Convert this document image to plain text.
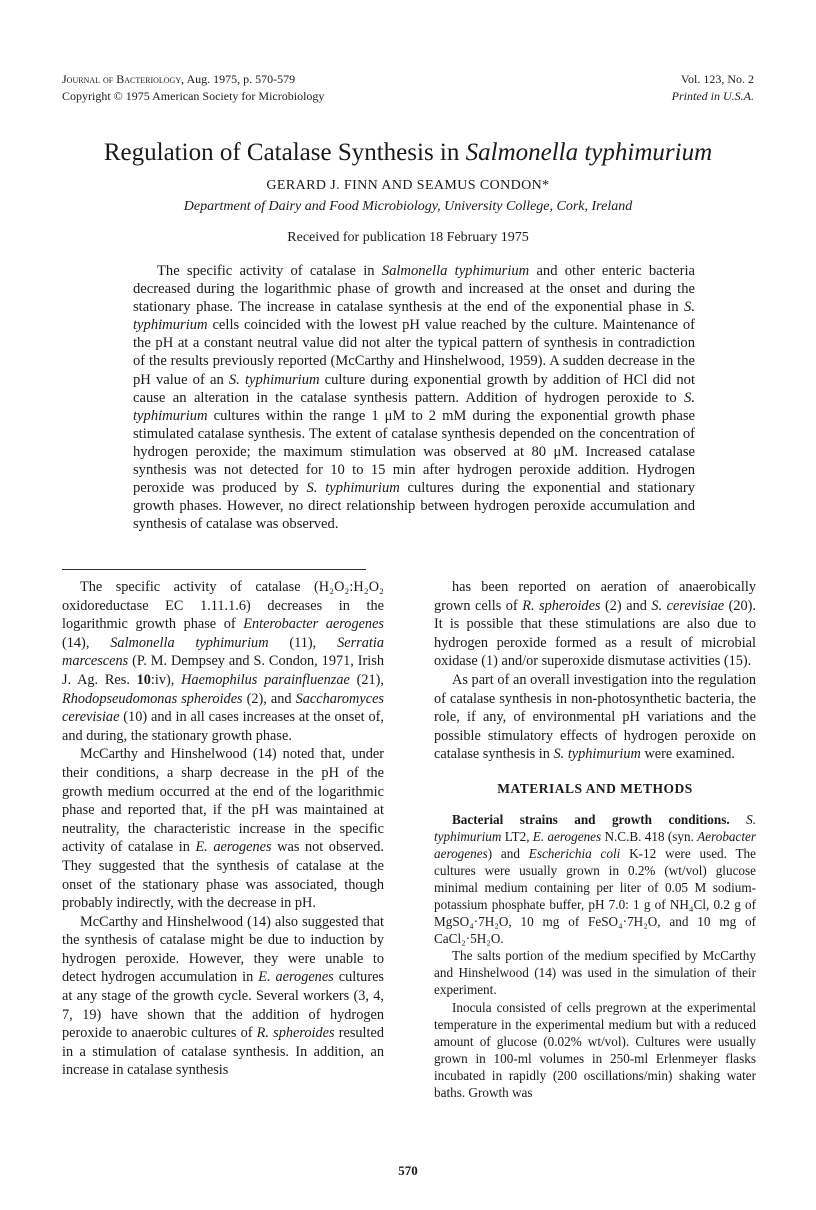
Journal of Bacteriology, Aug. 1975, p. 570-579
Copyright © 1975 American Society for Microbiology
Vol. 123, No. 2
Printed in U.S.A.
Regulation of Catalase Synthesis in Salmonella typhimurium
GERARD J. FINN AND SEAMUS CONDON*
Department of Dairy and Food Microbiology, University College, Cork, Ireland
Received for publication 18 February 1975

The specific activity of catalase in Salmonella typhimurium and other enteric bacteria decreased during the logarithmic phase of growth and increased at the onset and during the stationary phase. The increase in catalase synthesis at the end of the exponential phase in S. typhimurium cells coincided with the lowest pH value reached by the culture. Maintenance of the pH at a constant neutral value did not alter the typical pattern of synthesis in contradiction of the results previously reported (McCarthy and Hinshelwood, 1959). A sudden decrease in the pH value of an S. typhimurium culture during exponential growth by addition of HCl did not cause an alteration in the catalase synthesis pattern. Addition of hydrogen peroxide to S. typhimurium cultures within the range 1 μM to 2 mM during the exponential growth phase stimulated catalase synthesis. The extent of catalase synthesis depended on the concentration of hydrogen peroxide; the maximum stimulation was observed at 80 μM. Increased catalase synthesis was not detected for 10 to 15 min after hydrogen peroxide addition. Hydrogen peroxide was produced by S. typhimurium cultures during the exponential and stationary growth phases. However, no direct relationship between hydrogen peroxide accumulation and synthesis of catalase was observed.

The specific activity of catalase (H₂O₂:H₂O₂ oxidoreductase EC 1.11.1.6) decreases in the logarithmic growth phase of Enterobacter aerogenes (14), Salmonella typhimurium (11), Serratia marcescens (P. M. Dempsey and S. Condon, 1971, Irish J. Ag. Res. 10:iv), Haemophilus parainfluenzae (21), Rhodopseudomonas spheroides (2), and Saccharomyces cerevisiae (10) and in all cases increases at the onset of, and during, the stationary growth phase.

McCarthy and Hinshelwood (14) noted that, under their conditions, a sharp decrease in the pH of the growth medium occurred at the end of the logarithmic phase and reported that, if the pH was maintained at neutrality, the characteristic increase in the specific activity of catalase in E. aerogenes was not observed. They suggested that the synthesis of catalase at the onset of the stationary phase was associated, though probably indirectly, with the decrease in pH.

McCarthy and Hinshelwood (14) also suggested that the synthesis of catalase might be due to induction by hydrogen peroxide. However, they were unable to detect hydrogen accumulation in E. aerogenes cultures at any stage of the growth cycle. Several workers (3, 4, 7, 19) have shown that the addition of hydrogen peroxide to anaerobic cultures of R. spheroides resulted in a stimulation of catalase synthesis. In addition, an increase in catalase synthesis

has been reported on aeration of anaerobically grown cells of R. spheroides (2) and S. cerevisiae (20). It is possible that these stimulations are also due to hydrogen peroxide formed as a result of microbial oxidase (1) and/or superoxide dismutase activities (15).

As part of an overall investigation into the regulation of catalase synthesis in non-photosynthetic bacteria, the role, if any, of environmental pH variations and the possible stimulatory effects of hydrogen peroxide on catalase synthesis in S. typhimurium were examined.

MATERIALS AND METHODS

Bacterial strains and growth conditions. S. typhimurium LT2, E. aerogenes N.C.B. 418 (syn. Aerobacter aerogenes) and Escherichia coli K-12 were used. The cultures were usually grown in 0.2% (wt/vol) glucose minimal medium containing per liter of 0.05 M sodium-potassium phosphate buffer, pH 7.0: 1 g of NH₄Cl, 0.2 g of MgSO₄·7H₂O, 10 mg of FeSO₄·7H₂O, and 10 mg of CaCl₂·5H₂O.

The salts portion of the medium specified by McCarthy and Hinshelwood (14) was used in the simulation of their experiment.

Inocula consisted of cells pregrown at the experimental temperature in the experimental medium but with a reduced amount of glucose (0.02% wt/vol). Cultures were usually grown in 100-ml volumes in 250-ml Erlenmeyer flasks incubated in rapidly (200 oscillations/min) shaking water baths. Growth was

570
